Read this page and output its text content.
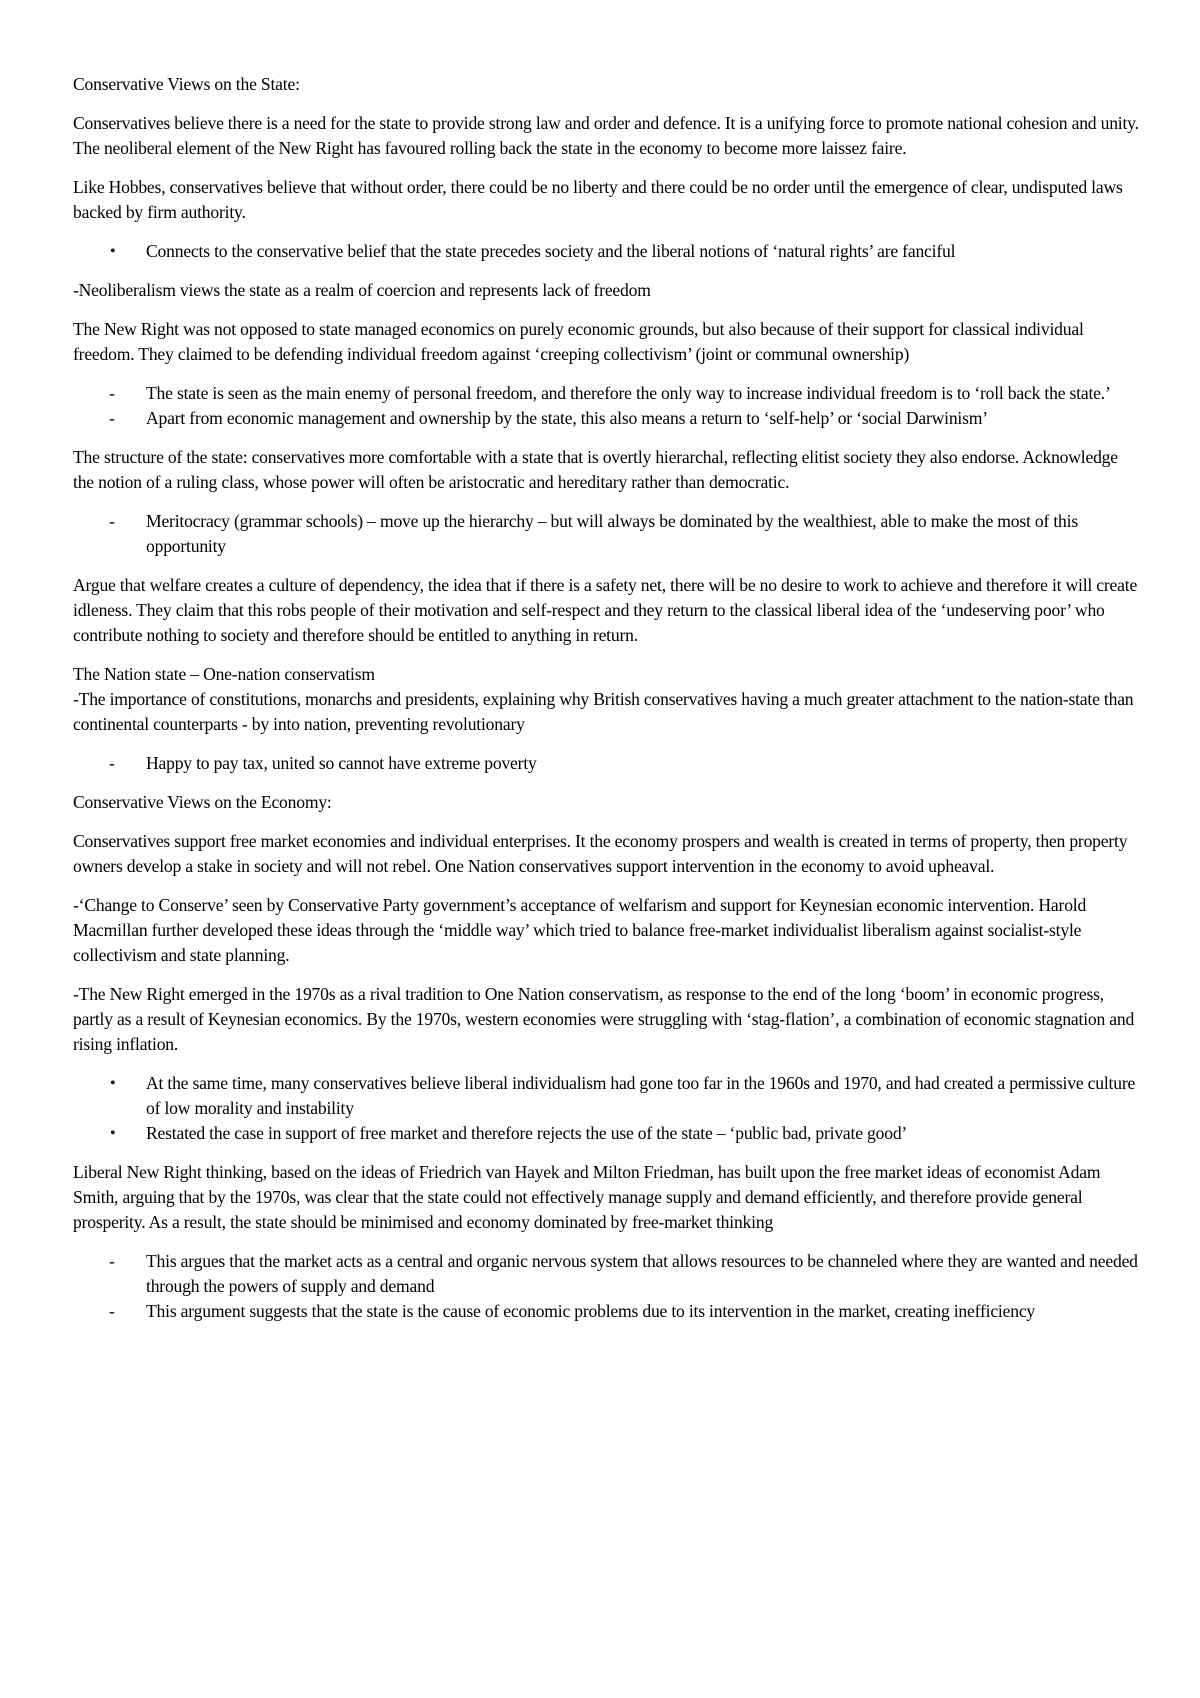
Conservative Views on the State:

Conservatives believe there is a need for the state to provide strong law and order and defence. It is a unifying force to promote national cohesion and unity. The neoliberal element of the New Right has favoured rolling back the state in the economy to become more laissez faire.

Like Hobbes, conservatives believe that without order, there could be no liberty and there could be no order until the emergence of clear, undisputed laws backed by firm authority.

• Connects to the conservative belief that the state precedes society and the liberal notions of ‘natural rights’ are fanciful

-Neoliberalism views the state as a realm of coercion and represents lack of freedom

The New Right was not opposed to state managed economics on purely economic grounds, but also because of their support for classical individual freedom. They claimed to be defending individual freedom against ‘creeping collectivism’ (joint or communal ownership)

- The state is seen as the main enemy of personal freedom, and therefore the only way to increase individual freedom is to ‘roll back the state.’
- Apart from economic management and ownership by the state, this also means a return to ‘self-help’ or ‘social Darwinism’

The structure of the state: conservatives more comfortable with a state that is overtly hierarchal, reflecting elitist society they also endorse. Acknowledge the notion of a ruling class, whose power will often be aristocratic and hereditary rather than democratic.

- Meritocracy (grammar schools) – move up the hierarchy – but will always be dominated by the wealthiest, able to make the most of this opportunity

Argue that welfare creates a culture of dependency, the idea that if there is a safety net, there will be no desire to work to achieve and therefore it will create idleness. They claim that this robs people of their motivation and self-respect and they return to the classical liberal idea of the ‘undeserving poor’ who contribute nothing to society and therefore should be entitled to anything in return.

The Nation state – One-nation conservatism
-The importance of constitutions, monarchs and presidents, explaining why British conservatives having a much greater attachment to the nation-state than continental counterparts - by into nation, preventing revolutionary

- Happy to pay tax, united so cannot have extreme poverty

Conservative Views on the Economy:

Conservatives support free market economies and individual enterprises. It the economy prospers and wealth is created in terms of property, then property owners develop a stake in society and will not rebel. One Nation conservatives support intervention in the economy to avoid upheaval.

-‘Change to Conserve’ seen by Conservative Party government’s acceptance of welfarism and support for Keynesian economic intervention. Harold Macmillan further developed these ideas through the ‘middle way’ which tried to balance free-market individualist liberalism against socialist-style collectivism and state planning.

-The New Right emerged in the 1970s as a rival tradition to One Nation conservatism, as response to the end of the long ‘boom’ in economic progress, partly as a result of Keynesian economics. By the 1970s, western economies were struggling with ‘stag-flation’, a combination of economic stagnation and rising inflation.

• At the same time, many conservatives believe liberal individualism had gone too far in the 1960s and 1970, and had created a permissive culture of low morality and instability
• Restated the case in support of free market and therefore rejects the use of the state – ‘public bad, private good’

Liberal New Right thinking, based on the ideas of Friedrich van Hayek and Milton Friedman, has built upon the free market ideas of economist Adam Smith, arguing that by the 1970s, was clear that the state could not effectively manage supply and demand efficiently, and therefore provide general prosperity. As a result, the state should be minimised and economy dominated by free-market thinking

- This argues that the market acts as a central and organic nervous system that allows resources to be channeled where they are wanted and needed through the powers of supply and demand
- This argument suggests that the state is the cause of economic problems due to its intervention in the market, creating inefficiency
